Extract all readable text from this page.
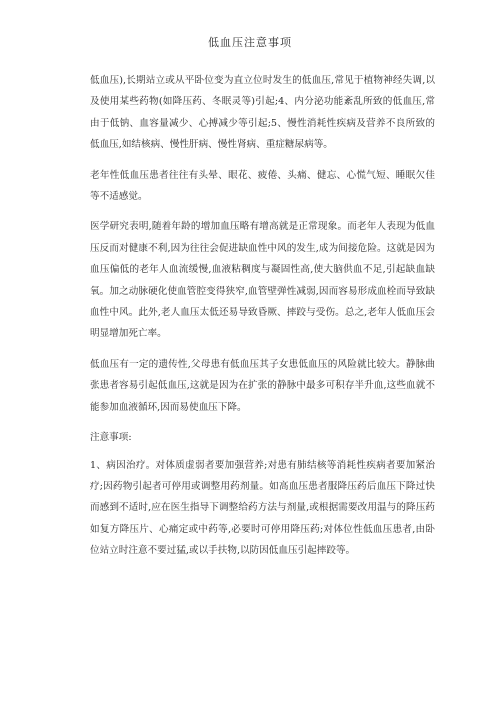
低血压注意事项

低血压),长期站立或从平卧位变为直立位时发生的低血压,常见于植物神经失调,以及使用某些药物(如降压药、冬眠灵等)引起;4、内分泌功能紊乱所致的低血压,常由于低钠、血容量减少、心搏减少等引起;5、慢性消耗性疾病及营养不良所致的低血压,如结核病、慢性肝病、慢性肾病、重症糖尿病等。

老年性低血压患者往往有头晕、眼花、疲倦、头痛、健忘、心慌气短、睡眠欠佳等不适感觉。

医学研究表明,随着年龄的增加血压略有增高就是正常现象。而老年人表现为低血压反而对健康不利,因为往往会促进缺血性中风的发生,成为间接危险。这就是因为血压偏低的老年人血流缓慢,血液粘稠度与凝固性高,使大脑供血不足,引起缺血缺氧。加之动脉硬化使血管腔变得狭窄,血管壁弹性减弱,因而容易形成血栓而导致缺血性中风。此外,老人血压太低还易导致昏厥、摔跤与受伤。总之,老年人低血压会明显增加死亡率。

低血压有一定的遗传性,父母患有低血压其子女患低血压的风险就比较大。静脉曲张患者容易引起低血压,这就是因为在扩张的静脉中最多可积存半升血,这些血就不能参加血液循环,因而易使血压下降。

注意事项:

1、病因治疗。对体质虚弱者要加强营养;对患有肺结核等消耗性疾病者要加紧治疗;因药物引起者可停用或调整用药剂量。如高血压患者服降压药后血压下降过快而感到不适时,应在医生指导下调整给药方法与剂量,或根据需要改用温与的降压药如复方降压片、心痛定或中药等,必要时可停用降压药;对体位性低血压患者,由卧位站立时注意不要过猛,或以手扶物,以防因低血压引起摔跤等。
